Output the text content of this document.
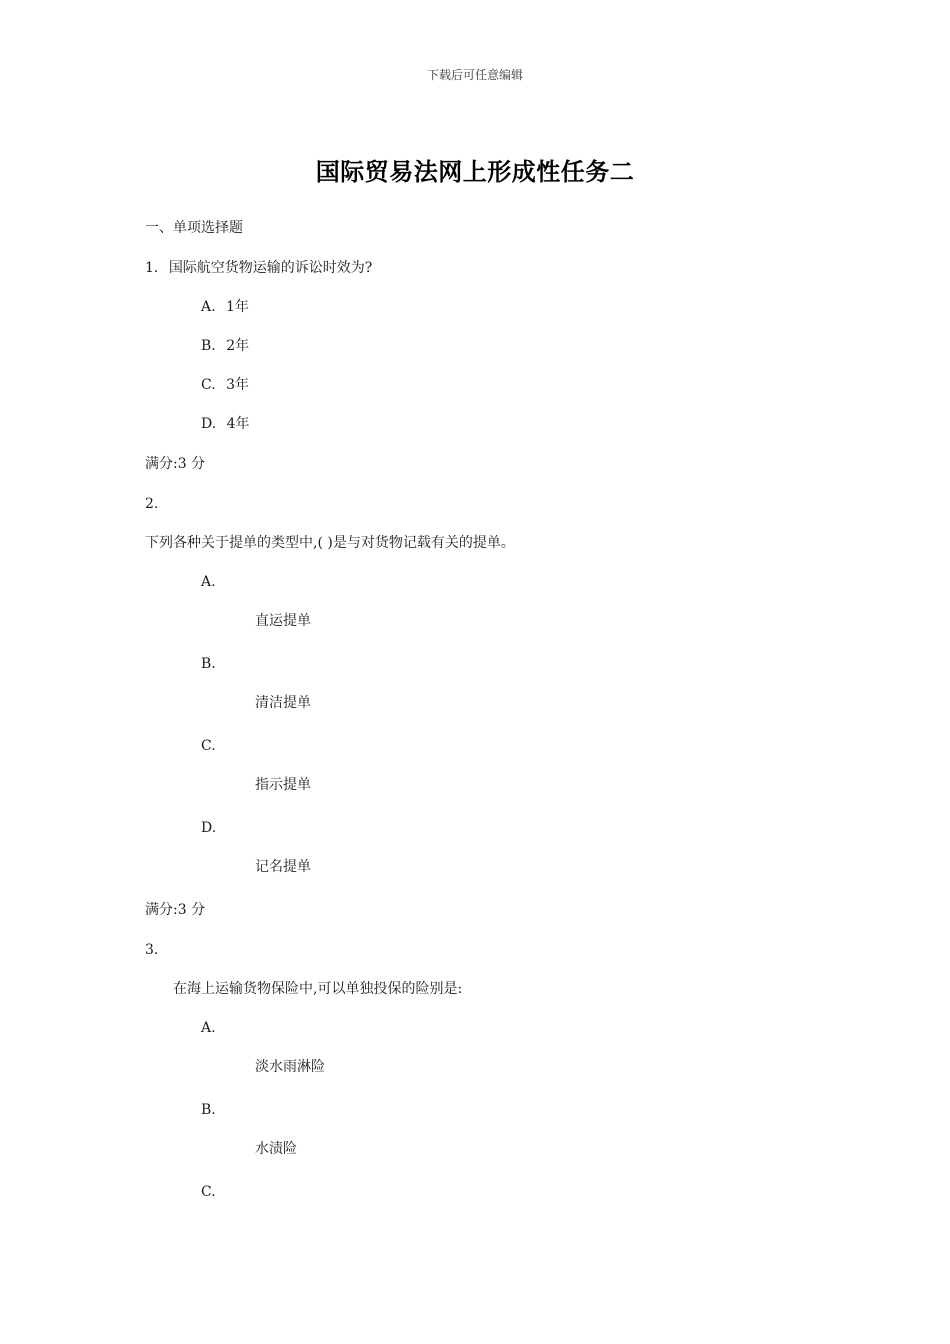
下载后可任意编辑
国际贸易法网上形成性任务二
一、单项选择题
1. 国际航空货物运输的诉讼时效为?
A. 1年
B. 2年
C. 3年
D. 4年
满分:3 分
2.
下列各种关于提单的类型中,( )是与对货物记载有关的提单。
A.
直运提单
B.
清洁提单
C.
指示提单
D.
记名提单
满分:3 分
3.
在海上运输货物保险中,可以单独投保的险别是:
A.
淡水雨淋险
B.
水渍险
C.
